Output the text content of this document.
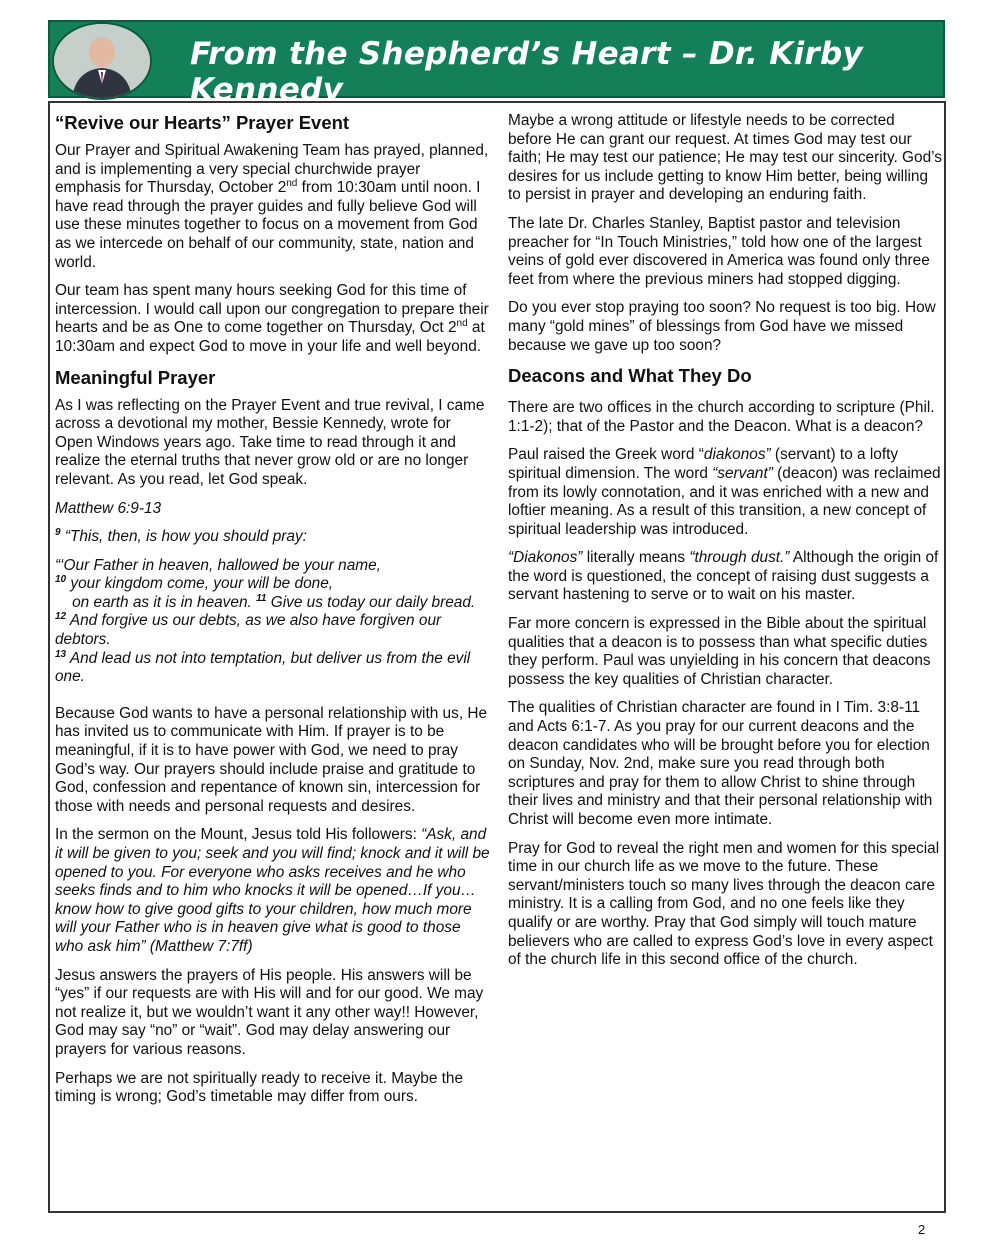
From the Shepherd’s Heart – Dr. Kirby Kennedy
“Revive our Hearts” Prayer Event

Our Prayer and Spiritual Awakening Team has prayed, planned, and is implementing a very special churchwide prayer emphasis for Thursday, October 2nd from 10:30am until noon. I have read through the prayer guides and fully believe God will use these minutes together to focus on a movement from God as we intercede on behalf of our community, state, nation and world.

Our team has spent many hours seeking God for this time of intercession. I would call upon our congregation to prepare their hearts and be as One to come together on Thursday, Oct 2nd at 10:30am and expect God to move in your life and well beyond.

Meaningful Prayer

As I was reflecting on the Prayer Event and true revival, I came across a devotional my mother, Bessie Kennedy, wrote for Open Windows years ago. Take time to read through it and realize the eternal truths that never grow old or are no longer relevant. As you read, let God speak.

Matthew 6:9-13

$^9$ “This, then, is how you should pray:

“‘Our Father in heaven, hallowed be your name,

$^{10}$ your kingdom come, your will be done,

on earth as it is in heaven. $^{11}$ Give us today our daily bread.

$^{12}$ And forgive us our debts, as we also have forgiven our debtors.

$^{13}$ And lead us not into temptation, but deliver us from the evil one.

Because God wants to have a personal relationship with us, He has invited us to communicate with Him. If prayer is to be meaningful, if it is to have power with God, we need to pray God’s way. Our prayers should include praise and gratitude to God, confession and repentance of known sin, intercession for those with needs and personal requests and desires.

In the sermon on the Mount, Jesus told His followers: “Ask, and it will be given to you; seek and you will find; knock and it will be opened to you. For everyone who asks receives and he who seeks finds and to him who knocks it will be opened…If you…know how to give good gifts to your children, how much more will your Father who is in heaven give what is good to those who ask him” (Matthew 7:7ff)

Jesus answers the prayers of His people. His answers will be “yes” if our requests are with His will and for our good. We may not realize it, but we wouldn’t want it any other way!! However, God may say “no” or “wait”. God may delay answering our prayers for various reasons.

Perhaps we are not spiritually ready to receive it. Maybe the timing is wrong; God’s timetable may differ from ours.

Maybe a wrong attitude or lifestyle needs to be corrected before He can grant our request. At times God may test our faith; He may test our patience; He may test our sincerity. God’s desires for us include getting to know Him better, being willing to persist in prayer and developing an enduring faith.

The late Dr. Charles Stanley, Baptist pastor and television preacher for “In Touch Ministries,” told how one of the largest veins of gold ever discovered in America was found only three feet from where the previous miners had stopped digging.

Do you ever stop praying too soon? No request is too big. How many “gold mines” of blessings from God have we missed because we gave up too soon?

Deacons and What They Do

There are two offices in the church according to scripture (Phil. 1:1-2); that of the Pastor and the Deacon. What is a deacon?

Paul raised the Greek word “diakonos” (servant) to a lofty spiritual dimension. The word “servant” (deacon) was reclaimed from its lowly connotation, and it was enriched with a new and loftier meaning. As a result of this transition, a new concept of spiritual leadership was introduced.

“Diakonos” literally means “through dust.” Although the origin of the word is questioned, the concept of raising dust suggests a servant hastening to serve or to wait on his master.

Far more concern is expressed in the Bible about the spiritual qualities that a deacon is to possess than what specific duties they perform. Paul was unyielding in his concern that deacons possess the key qualities of Christian character.

The qualities of Christian character are found in I Tim. 3:8-11 and Acts 6:1-7. As you pray for our current deacons and the deacon candidates who will be brought before you for election on Sunday, Nov. 2nd, make sure you read through both scriptures and pray for them to allow Christ to shine through their lives and ministry and that their personal relationship with Christ will become even more intimate.

Pray for God to reveal the right men and women for this special time in our church life as we move to the future. These servant/ministers touch so many lives through the deacon care ministry. It is a calling from God, and no one feels like they qualify or are worthy. Pray that God simply will touch mature believers who are called to express God’s love in every aspect of the church life in this second office of the church.

2
